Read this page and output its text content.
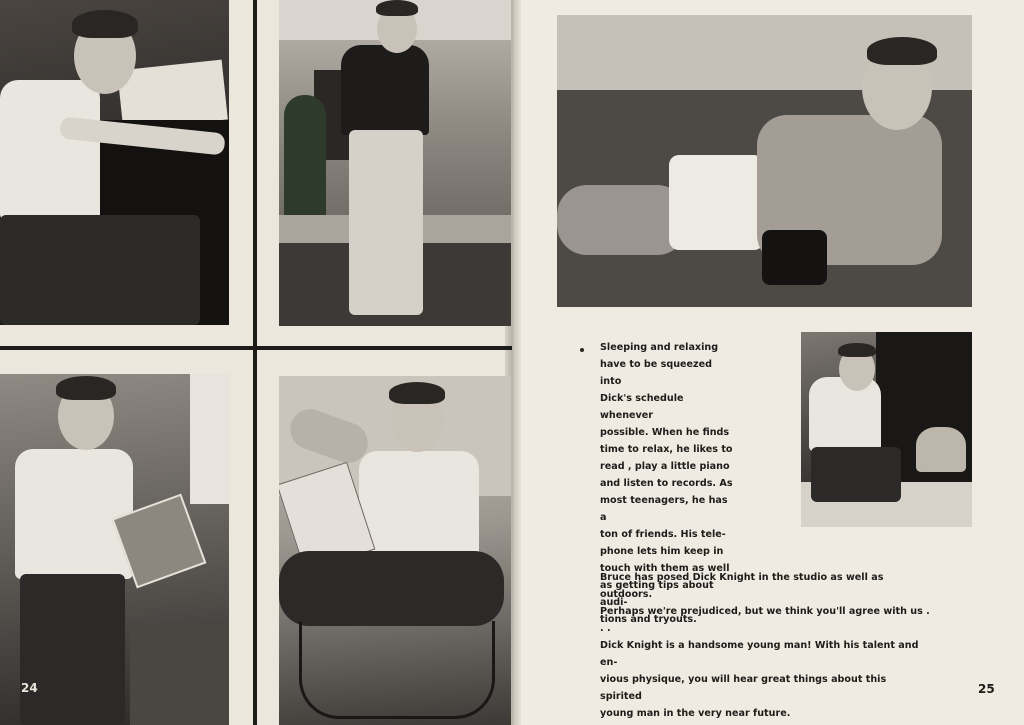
Sleeping and relaxing
have to be squeezed into
Dick's schedule whenever
possible. When he finds
time to relax, he likes to
read , play a little piano
and listen to records. As
most teenagers, he has a
ton of friends. His tele-
phone lets him keep in
touch with them as well
as getting tips about audi-
tions and tryouts.
Bruce has posed Dick Knight in the studio as well as outdoors.
Perhaps we're prejudiced, but we think you'll agree with us . . .
Dick Knight is a handsome young man! With his talent and en-
vious physique, you will hear great things about this spirited
young man in the very near future.
24	25
